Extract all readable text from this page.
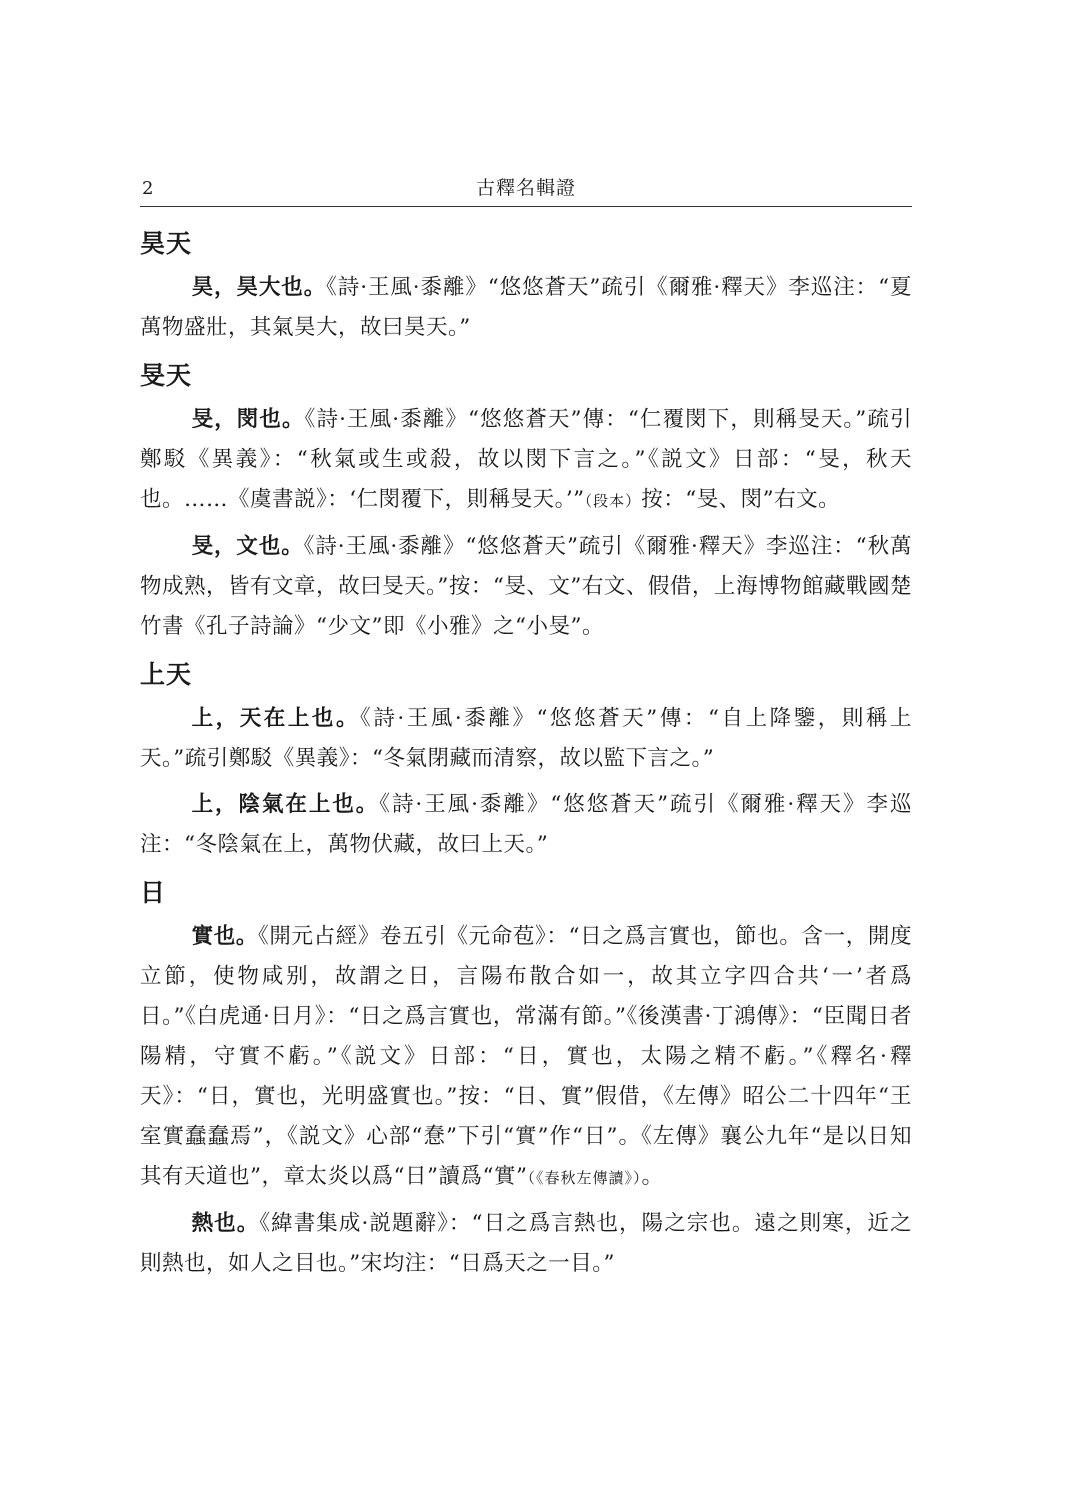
2	古釋名輯證
昊天

昊，昊大也。《詩·王風·黍離》“悠悠蒼天”疏引《爾雅·釋天》李巡注：“夏萬物盛壯，其氣昊大，故曰昊天。”

旻天

旻，閔也。《詩·王風·黍離》“悠悠蒼天”傳：“仁覆閔下，則稱旻天。”疏引鄭駁《異義》：“秋氣或生或殺，故以閔下言之。”《説文》日部：“旻，秋天也。……《虞書説》：‘仁閔覆下，則稱旻天。’”（段本）按：“旻、閔”右文。

旻，文也。《詩·王風·黍離》“悠悠蒼天”疏引《爾雅·釋天》李巡注：“秋萬物成熟，皆有文章，故曰旻天。”按：“旻、文”右文、假借，上海博物館藏戰國楚竹書《孔子詩論》“少文”即《小雅》之“小旻”。

上天

上，天在上也。《詩·王風·黍離》“悠悠蒼天”傳：“自上降鑒，則稱上天。”疏引鄭駁《異義》：“冬氣閉藏而清察，故以監下言之。”

上，陰氣在上也。《詩·王風·黍離》“悠悠蒼天”疏引《爾雅·釋天》李巡注：“冬陰氣在上，萬物伏藏，故曰上天。”

日

實也。《開元占經》卷五引《元命苞》：“日之爲言實也，節也。含一，開度立節，使物咸别，故謂之日，言陽布散合如一，故其立字四合共‘一’者爲日。”《白虎通·日月》：“日之爲言實也，常滿有節。”《後漢書·丁鴻傳》：“臣聞日者陽精，守實不虧。”《説文》日部：“日，實也，太陽之精不虧。”《釋名·釋天》：“日，實也，光明盛實也。”按：“日、實”假借，《左傳》昭公二十四年“王室實蠢蠢焉”，《説文》心部“惷”下引“實”作“日”。《左傳》襄公九年“是以日知其有天道也”，章太炎以爲“日”讀爲“實”（《春秋左傳讀》）。

熱也。《緯書集成·説題辭》：“日之爲言熱也，陽之宗也。遠之則寒，近之則熱也，如人之目也。”宋均注：“日爲天之一目。”
